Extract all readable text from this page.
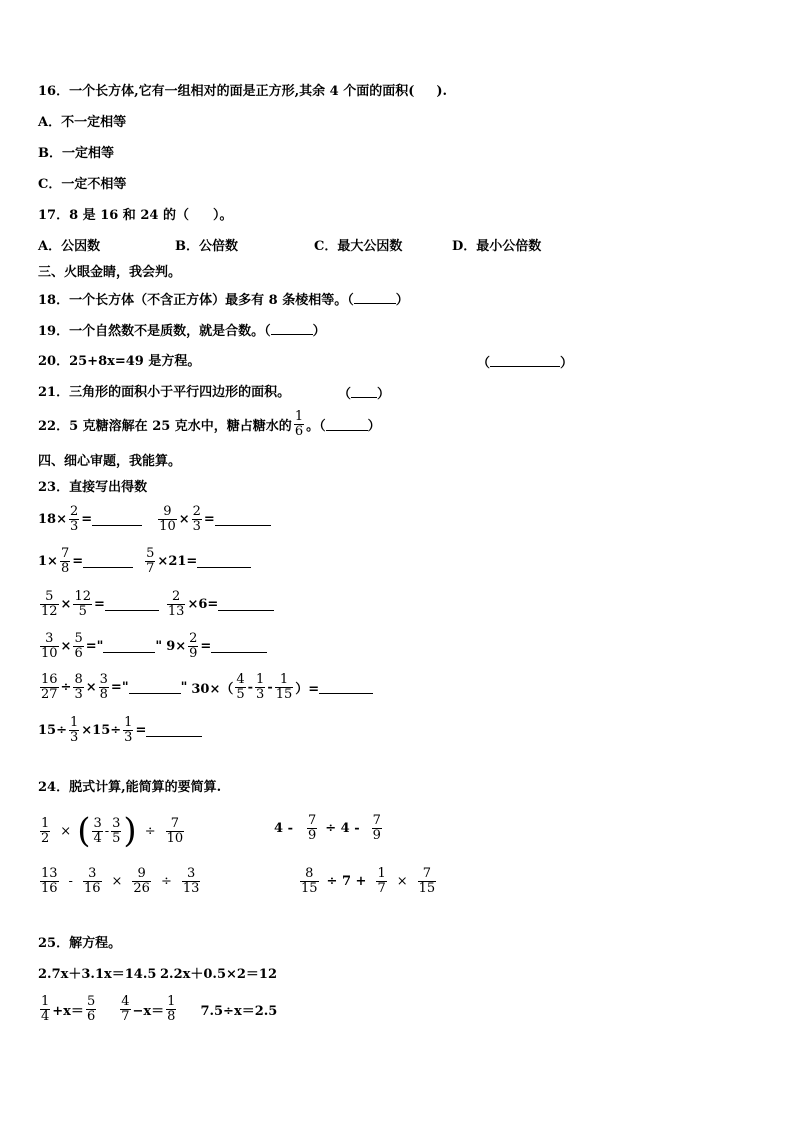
16．一个长方体,它有一组相对的面是正方形,其余 4 个面的面积( ).
A．不一定相等
B．一定相等
C．一定不相等
17．8 是 16 和 24 的（ ）。
A．公因数	B．公倍数	C．最大公因数	D．最小公倍数
三、火眼金睛，我会判。
18．一个长方体（不含正方体）最多有 8 条棱相等。（	）
19．一个自然数不是质数，就是合数。（	）
20．25+8x=49 是方程。	（	）
21．三角形的面积小于平行四边形的面积。	（ ）
22．5 克糖溶解在 25 克水中，糖占糖水的 $\frac{1}{6}$ 。（	）
四、细心审题，我能算。
23．直接写出得数
$18\times \frac{2}{3}$ =	$\frac{9}{10} \times \frac{2}{3}$ =
$1\times \frac{7}{8}$ =	$\frac{5}{7} \times 21=$
$\frac{5}{12} \times \frac{12}{5}$ =	$\frac{2}{13} \times 6=$
$\frac{3}{10} \times \frac{5}{6}$ ="	" $9\times \frac{2}{9}$ =
$\frac{16}{27} \div \frac{8}{3} \times \frac{3}{8}$ ="	" $30\times( \frac{4}{5} - \frac{1}{3} - \frac{1}{15}$ ）=
$15\div \frac{1}{3} \times 15\div \frac{1}{3}$ =
24．脱式计算,能简算的要简算.
$\frac{1}{2}$ × ( $\frac{3}{4} - \frac{3}{5}$ ) ÷ $\frac{7}{10}$	$4 - \frac{7}{9} \div 4 - \frac{7}{9}$
$\frac{13}{16} - \frac{3}{16} \times \frac{9}{26} \div \frac{3}{13}$	$\frac{8}{15} \div 7 + \frac{1}{7} \times \frac{7}{15}$
25．解方程。
2.7x＋3.1x＝14.5 2.2x＋0.5×2＝12
$\frac{1}{4} +x= \frac{5}{6} \frac{4}{7} -x= \frac{1}{8} 7.5\div x=2.5$
